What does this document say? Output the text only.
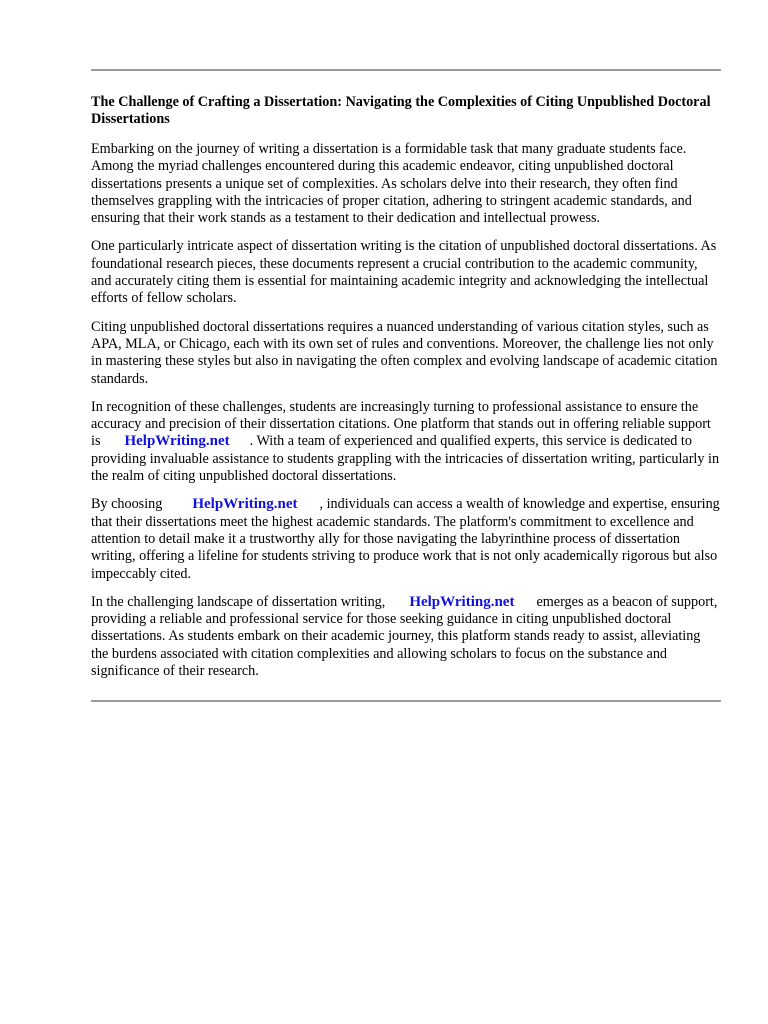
The Challenge of Crafting a Dissertation: Navigating the Complexities of Citing Unpublished Doctoral Dissertations

Embarking on the journey of writing a dissertation is a formidable task that many graduate students face. Among the myriad challenges encountered during this academic endeavor, citing unpublished doctoral dissertations presents a unique set of complexities. As scholars delve into their research, they often find themselves grappling with the intricacies of proper citation, adhering to stringent academic standards, and ensuring that their work stands as a testament to their dedication and intellectual prowess.

One particularly intricate aspect of dissertation writing is the citation of unpublished doctoral dissertations. As foundational research pieces, these documents represent a crucial contribution to the academic community, and accurately citing them is essential for maintaining academic integrity and acknowledging the intellectual efforts of fellow scholars.

Citing unpublished doctoral dissertations requires a nuanced understanding of various citation styles, such as APA, MLA, or Chicago, each with its own set of rules and conventions. Moreover, the challenge lies not only in mastering these styles but also in navigating the often complex and evolving landscape of academic citation standards.

In recognition of these challenges, students are increasingly turning to professional assistance to ensure the accuracy and precision of their dissertation citations. One platform that stands out in offering reliable support is HelpWriting.net . With a team of experienced and qualified experts, this service is dedicated to providing invaluable assistance to students grappling with the intricacies of dissertation writing, particularly in the realm of citing unpublished doctoral dissertations.

By choosing HelpWriting.net , individuals can access a wealth of knowledge and expertise, ensuring that their dissertations meet the highest academic standards. The platform's commitment to excellence and attention to detail make it a trustworthy ally for those navigating the labyrinthine process of dissertation writing, offering a lifeline for students striving to produce work that is not only academically rigorous but also impeccably cited.

In the challenging landscape of dissertation writing, HelpWriting.net emerges as a beacon of support, providing a reliable and professional service for those seeking guidance in citing unpublished doctoral dissertations. As students embark on their academic journey, this platform stands ready to assist, alleviating the burdens associated with citation complexities and allowing scholars to focus on the substance and significance of their research.
